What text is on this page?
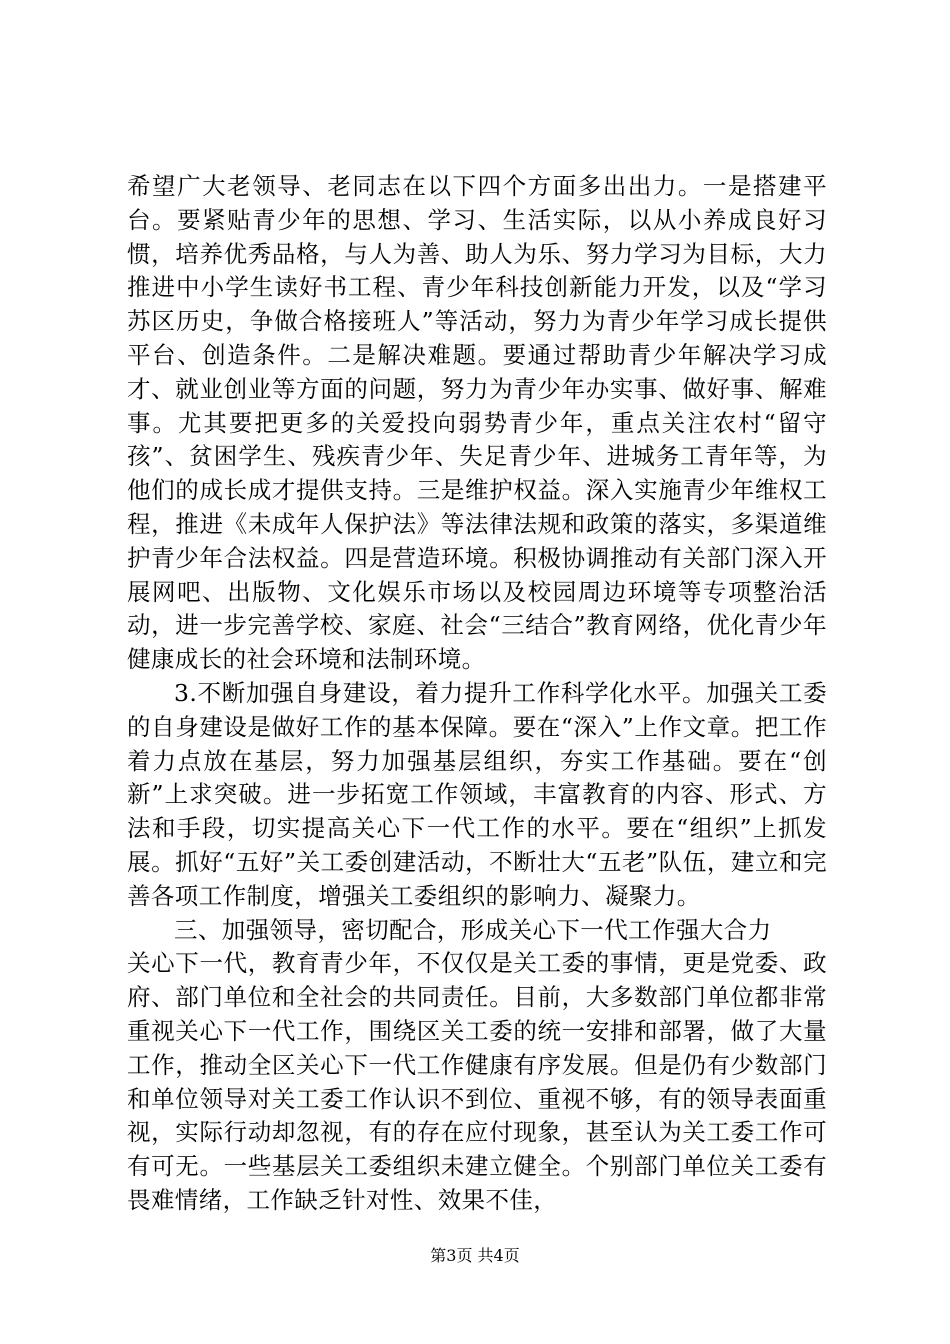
希望广大老领导、老同志在以下四个方面多出出力。一是搭建平台。要紧贴青少年的思想、学习、生活实际，以从小养成良好习惯，培养优秀品格，与人为善、助人为乐、努力学习为目标，大力推进中小学生读好书工程、青少年科技创新能力开发，以及“学习苏区历史，争做合格接班人”等活动，努力为青少年学习成长提供平台、创造条件。二是解决难题。要通过帮助青少年解决学习成才、就业创业等方面的问题，努力为青少年办实事、做好事、解难事。尤其要把更多的关爱投向弱势青少年，重点关注农村“留守孩”、贫困学生、残疾青少年、失足青少年、进城务工青年等，为他们的成长成才提供支持。三是维护权益。深入实施青少年维权工程，推进《未成年人保护法》等法律法规和政策的落实，多渠道维护青少年合法权益。四是营造环境。积极协调推动有关部门深入开展网吧、出版物、文化娱乐市场以及校园周边环境等专项整治活动，进一步完善学校、家庭、社会“三结合”教育网络，优化青少年健康成长的社会环境和法制环境。

3.不断加强自身建设，着力提升工作科学化水平。加强关工委的自身建设是做好工作的基本保障。要在“深入”上作文章。把工作着力点放在基层，努力加强基层组织，夯实工作基础。要在“创新”上求突破。进一步拓宽工作领域，丰富教育的内容、形式、方法和手段，切实提高关心下一代工作的水平。要在“组织”上抓发展。抓好“五好”关工委创建活动，不断壮大“五老”队伍，建立和完善各项工作制度，增强关工委组织的影响力、凝聚力。

三、加强领导，密切配合，形成关心下一代工作强大合力

关心下一代，教育青少年，不仅仅是关工委的事情，更是党委、政府、部门单位和全社会的共同责任。目前，大多数部门单位都非常重视关心下一代工作，围绕区关工委的统一安排和部署，做了大量工作，推动全区关心下一代工作健康有序发展。但是仍有少数部门和单位领导对关工委工作认识不到位、重视不够，有的领导表面重视，实际行动却忽视，有的存在应付现象，甚至认为关工委工作可有可无。一些基层关工委组织未建立健全。个别部门单位关工委有畏难情绪，工作缺乏针对性、效果不佳，

第3页 共4页
